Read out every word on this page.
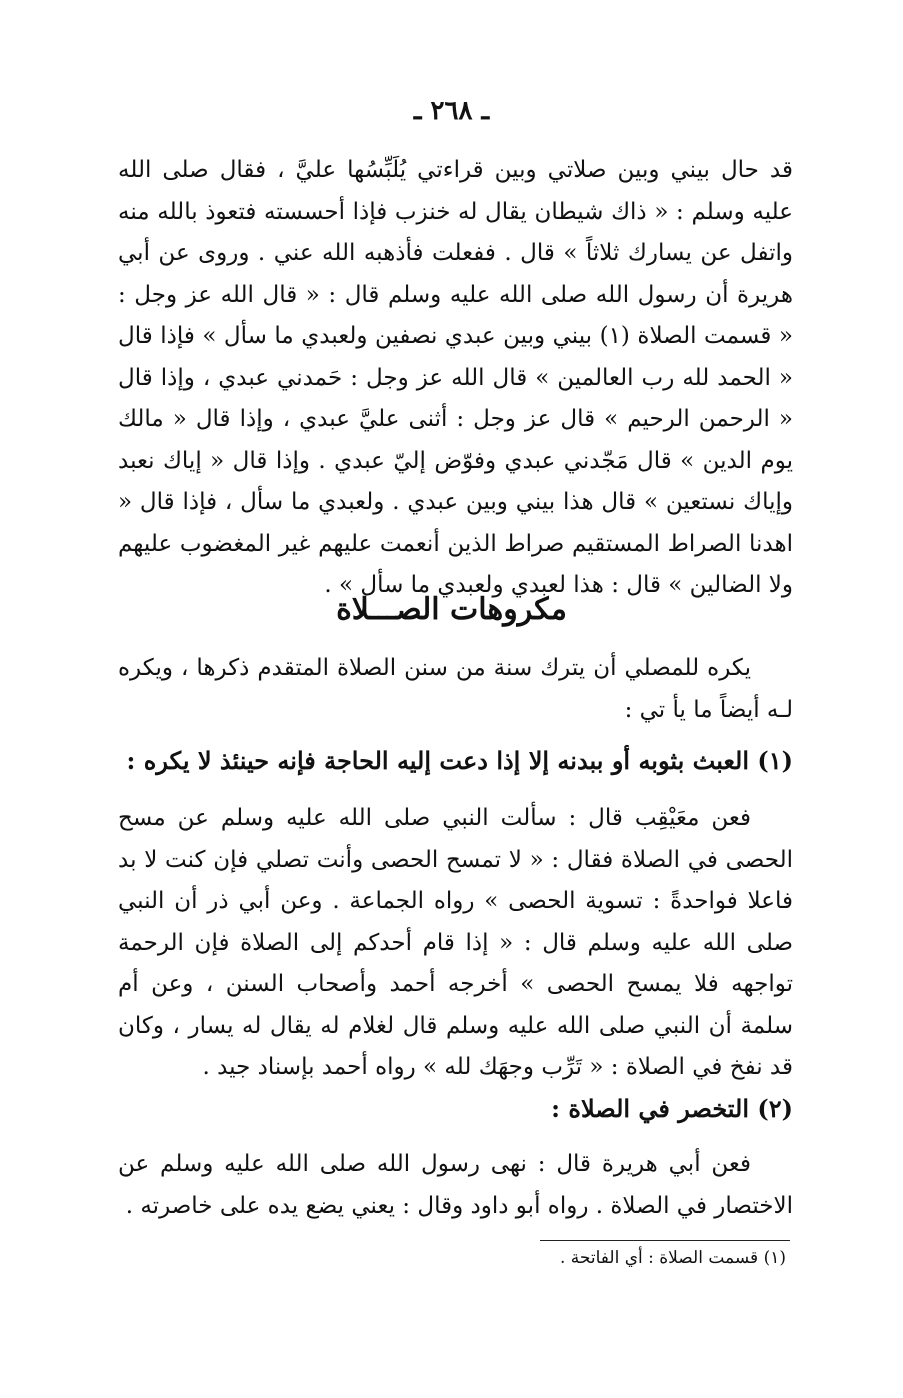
ـ ٢٦٨ ـ

قد حال بيني وبين صلاتي وبين قراءتي يُلَبِّسُها عليَّ ، فقال صلى الله عليه وسلم : « ذاك شيطان يقال له خنزب فإذا أحسسته فتعوذ بالله منه واتفل عن يسارك ثلاثاً » قال . ففعلت فأذهبه الله عني . وروى عن أبي هريرة أن رسول الله صلى الله عليه وسلم قال : « قال الله عز وجل : « قسمت الصلاة (١) بيني وبين عبدي نصفين ولعبدي ما سأل » فإذا قال « الحمد لله رب العالمين » قال الله عز وجل : حَمدني عبدي ، وإذا قال « الرحمن الرحيم » قال عز وجل : أثنى عليَّ عبدي ، وإذا قال « مالك يوم الدين » قال مَجّدني عبدي وفوّض إليّ عبدي . وإذا قال « إياك نعبد وإياك نستعين » قال هذا بيني وبين عبدي . ولعبدي ما سأل ، فإذا قال « اهدنا الصراط المستقيم صراط الذين أنعمت عليهم غير المغضوب عليهم ولا الضالين » قال : هذا لعبدي ولعبدي ما سأل » .

مكروهات الصـــلاة

يكره للمصلي أن يترك سنة من سنن الصلاة المتقدم ذكرها ، ويكره لـه أيضاً ما يأ تي :

(١) العبث بثوبه أو ببدنه إلا إذا دعت إليه الحاجة فإنه حينئذ لا يكره :

فعن معَيْقِب قال : سألت النبي صلى الله عليه وسلم عن مسح الحصى في الصلاة فقال : « لا تمسح الحصى وأنت تصلي فإن كنت لا بد فاعلا فواحدةً : تسوية الحصى » رواه الجماعة . وعن أبي ذر أن النبي صلى الله عليه وسلم قال : « إذا قام أحدكم إلى الصلاة فإن الرحمة تواجهه فلا يمسح الحصى » أخرجه أحمد وأصحاب السنن ، وعن أم سلمة أن النبي صلى الله عليه وسلم قال لغلام له يقال له يسار ، وكان قد نفخ في الصلاة : « تَرِّب وجهَك لله » رواه أحمد بإسناد جيد .

(٢) التخصر في الصلاة :

فعن أبي هريرة قال : نهى رسول الله صلى الله عليه وسلم عن الاختصار في الصلاة . رواه أبو داود وقال : يعني يضع يده على خاصرته .

(١) قسمت الصلاة : أي الفاتحة .
